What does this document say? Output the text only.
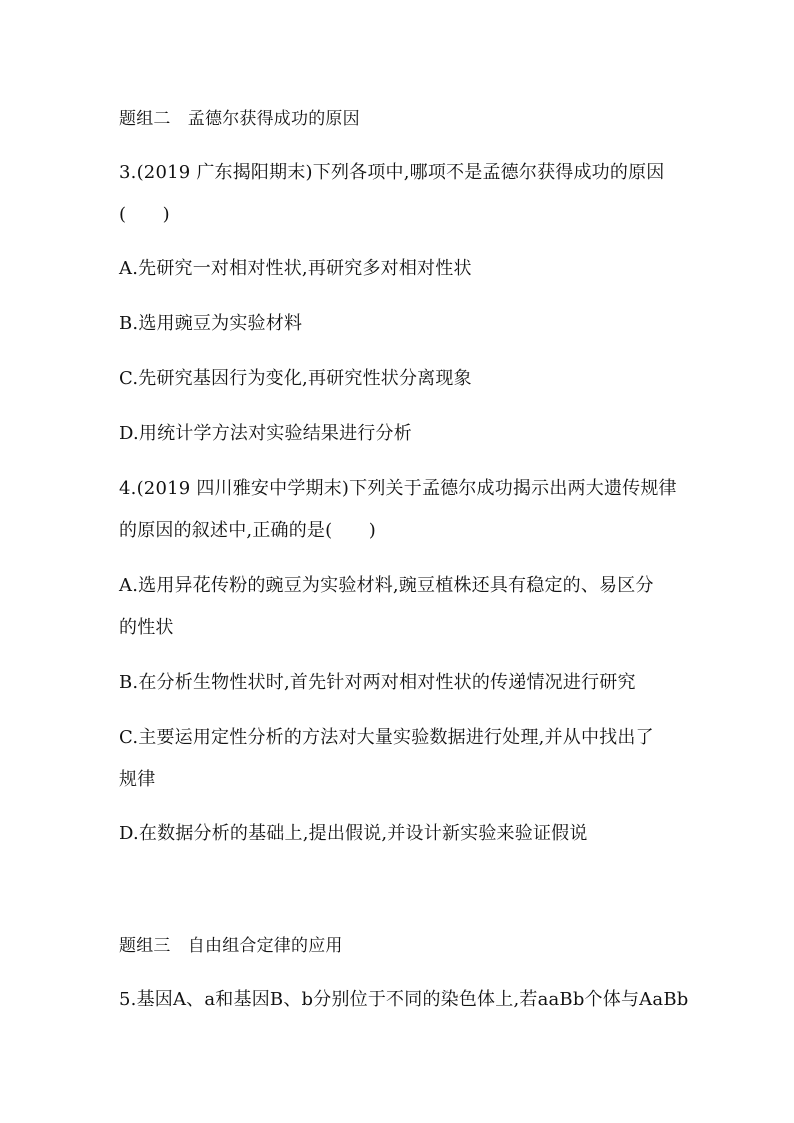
题组二　孟德尔获得成功的原因
3.(2019 广东揭阳期末)下列各项中,哪项不是孟德尔获得成功的原因
(　　)
A.先研究一对相对性状,再研究多对相对性状
B.选用豌豆为实验材料
C.先研究基因行为变化,再研究性状分离现象
D.用统计学方法对实验结果进行分析
4.(2019 四川雅安中学期末)下列关于孟德尔成功揭示出两大遗传规律
的原因的叙述中,正确的是(　　)
A.选用异花传粉的豌豆为实验材料,豌豆植株还具有稳定的、易区分
的性状
B.在分析生物性状时,首先针对两对相对性状的传递情况进行研究
C.主要运用定性分析的方法对大量实验数据进行处理,并从中找出了
规律
D.在数据分析的基础上,提出假说,并设计新实验来验证假说
题组三　自由组合定律的应用
5.基因A、a和基因B、b分别位于不同的染色体上,若aaBb个体与AaBb
